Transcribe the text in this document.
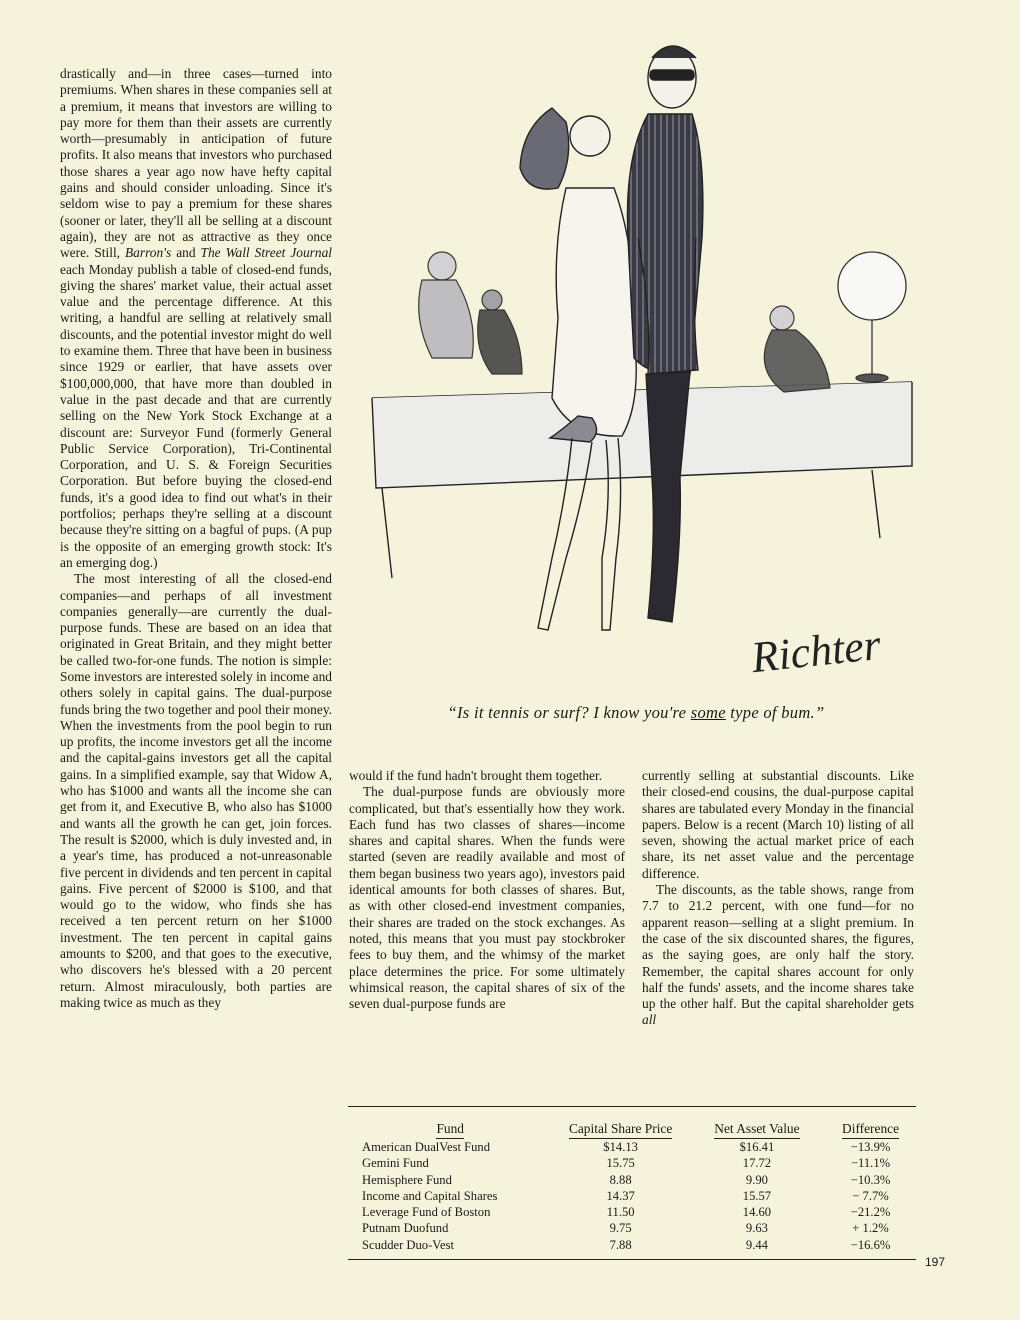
drastically and—in three cases—turned into premiums. When shares in these companies sell at a premium, it means that investors are willing to pay more for them than their assets are currently worth—presumably in anticipation of future profits. It also means that investors who purchased those shares a year ago now have hefty capital gains and should consider unloading. Since it's seldom wise to pay a premium for these shares (sooner or later, they'll all be selling at a discount again), they are not as attractive as they once were. Still, Barron's and The Wall Street Journal each Monday publish a table of closed-end funds, giving the shares' market value, their actual asset value and the percentage difference. At this writing, a handful are selling at relatively small discounts, and the potential investor might do well to examine them. Three that have been in business since 1929 or earlier, that have assets over $100,000,000, that have more than doubled in value in the past decade and that are currently selling on the New York Stock Exchange at a discount are: Surveyor Fund (formerly General Public Service Corporation), Tri-Continental Corporation, and U. S. & Foreign Securities Corporation. But before buying the closed-end funds, it's a good idea to find out what's in their portfolios; perhaps they're selling at a discount because they're sitting on a bagful of pups. (A pup is the opposite of an emerging growth stock: It's an emerging dog.)

The most interesting of all the closed-end companies—and perhaps of all investment companies generally—are currently the dual-purpose funds. These are based on an idea that originated in Great Britain, and they might better be called two-for-one funds. The notion is simple: Some investors are interested solely in income and others solely in capital gains. The dual-purpose funds bring the two together and pool their money. When the investments from the pool begin to run up profits, the income investors get all the income and the capital-gains investors get all the capital gains. In a simplified example, say that Widow A, who has $1000 and wants all the income she can get from it, and Executive B, who also has $1000 and wants all the growth he can get, join forces. The result is $2000, which is duly invested and, in a year's time, has produced a not-unreasonable five percent in dividends and ten percent in capital gains. Five percent of $2000 is $100, and that would go to the widow, who finds she has received a ten percent return on her $1000 investment. The ten percent in capital gains amounts to $200, and that goes to the executive, who discovers he's blessed with a 20 percent return. Almost miraculously, both parties are making twice as much as they

Richter
“Is it tennis or surf? I know you're some type of bum.”

would if the fund hadn't brought them together.

The dual-purpose funds are obviously more complicated, but that's essentially how they work. Each fund has two classes of shares—income shares and capital shares. When the funds were started (seven are readily available and most of them began business two years ago), investors paid identical amounts for both classes of shares. But, as with other closed-end investment companies, their shares are traded on the stock exchanges. As noted, this means that you must pay stockbroker fees to buy them, and the whimsy of the market place determines the price. For some ultimately whimsical reason, the capital shares of six of the seven dual-purpose funds are

currently selling at substantial discounts. Like their closed-end cousins, the dual-purpose capital shares are tabulated every Monday in the financial papers. Below is a recent (March 10) listing of all seven, showing the actual market price of each share, its net asset value and the percentage difference.

The discounts, as the table shows, range from 7.7 to 21.2 percent, with one fund—for no apparent reason—selling at a slight premium. In the case of the six discounted shares, the figures, as the saying goes, are only half the story. Remember, the capital shares account for only half the funds' assets, and the income shares take up the other half. But the capital shareholder gets all

Fund	Capital Share Price	Net Asset Value	Difference
American DualVest Fund	$14.13	$16.41	−13.9%
Gemini Fund	15.75	17.72	−11.1%
Hemisphere Fund	8.88	9.90	−10.3%
Income and Capital Shares	14.37	15.57	− 7.7%
Leverage Fund of Boston	11.50	14.60	−21.2%
Putnam Duofund	9.75	9.63	+ 1.2%
Scudder Duo-Vest	7.88	9.44	−16.6%
197
